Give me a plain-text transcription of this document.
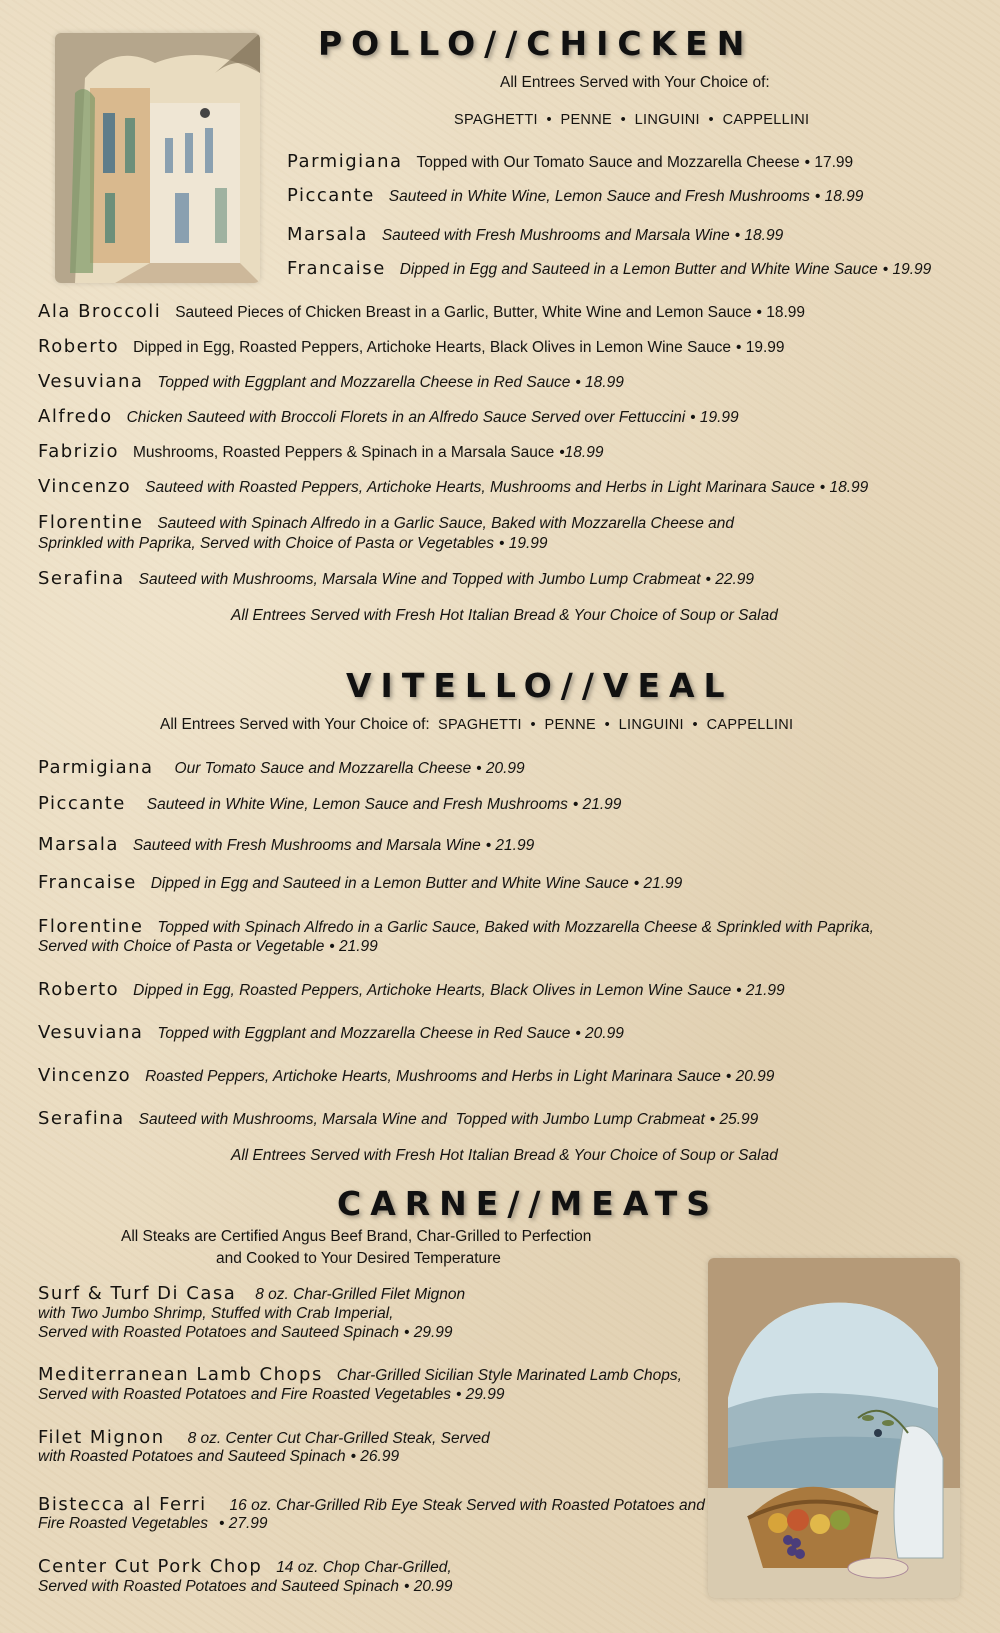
POLLO//CHICKEN
All Entrees Served with Your Choice of:
SPAGHETTI  •  PENNE  •  LINGUINI  •  CAPPELLINI
Parmigiana Topped with Our Tomato Sauce and Mozzarella Cheese • 17.99
Piccante Sauteed in White Wine, Lemon Sauce and Fresh Mushrooms • 18.99
Marsala Sauteed with Fresh Mushrooms and Marsala Wine • 18.99
Francaise Dipped in Egg and Sauteed in a Lemon Butter and White Wine Sauce • 19.99
Ala Broccoli Sauteed Pieces of Chicken Breast in a Garlic, Butter, White Wine and Lemon Sauce • 18.99
Roberto Dipped in Egg, Roasted Peppers, Artichoke Hearts, Black Olives in Lemon Wine Sauce • 19.99
Vesuviana Topped with Eggplant and Mozzarella Cheese in Red Sauce • 18.99
Alfredo Chicken Sauteed with Broccoli Florets in an Alfredo Sauce Served over Fettuccini • 19.99
Fabrizio Mushrooms, Roasted Peppers & Spinach in a Marsala Sauce •18.99
Vincenzo Sauteed with Roasted Peppers, Artichoke Hearts, Mushrooms and Herbs in Light Marinara Sauce • 18.99
Florentine Sauteed with Spinach Alfredo in a Garlic Sauce, Baked with Mozzarella Cheese and
Sprinkled with Paprika, Served with Choice of Pasta or Vegetables • 19.99
Serafina Sauteed with Mushrooms, Marsala Wine and Topped with Jumbo Lump Crabmeat • 22.99
All Entrees Served with Fresh Hot Italian Bread & Your Choice of Soup or Salad
VITELLO//VEAL
All Entrees Served with Your Choice of: SPAGHETTI  •  PENNE  •  LINGUINI  •  CAPPELLINI
Parmigiana Our Tomato Sauce and Mozzarella Cheese • 20.99
Piccante Sauteed in White Wine, Lemon Sauce and Fresh Mushrooms • 21.99
Marsala Sauteed with Fresh Mushrooms and Marsala Wine • 21.99
Francaise Dipped in Egg and Sauteed in a Lemon Butter and White Wine Sauce • 21.99
Florentine Topped with Spinach Alfredo in a Garlic Sauce, Baked with Mozzarella Cheese & Sprinkled with Paprika,
Served with Choice of Pasta or Vegetable • 21.99
Roberto Dipped in Egg, Roasted Peppers, Artichoke Hearts, Black Olives in Lemon Wine Sauce • 21.99
Vesuviana Topped with Eggplant and Mozzarella Cheese in Red Sauce • 20.99
Vincenzo Roasted Peppers, Artichoke Hearts, Mushrooms and Herbs in Light Marinara Sauce • 20.99
Serafina Sauteed with Mushrooms, Marsala Wine and  Topped with Jumbo Lump Crabmeat • 25.99
All Entrees Served with Fresh Hot Italian Bread & Your Choice of Soup or Salad
CARNE//MEATS
All Steaks are Certified Angus Beef Brand, Char-Grilled to Perfection
and Cooked to Your Desired Temperature
Surf & Turf Di Casa 8 oz. Char-Grilled Filet Mignon
with Two Jumbo Shrimp, Stuffed with Crab Imperial,
Served with Roasted Potatoes and Sauteed Spinach • 29.99
Mediterranean Lamb Chops Char-Grilled Sicilian Style Marinated Lamb Chops,
Served with Roasted Potatoes and Fire Roasted Vegetables • 29.99
Filet Mignon 8 oz. Center Cut Char-Grilled Steak, Served
with Roasted Potatoes and Sauteed Spinach • 26.99
Bistecca al Ferri 16 oz. Char-Grilled Rib Eye Steak Served with Roasted Potatoes and
Fire Roasted Vegetables • 27.99
Center Cut Pork Chop 14 oz. Chop Char-Grilled,
Served with Roasted Potatoes and Sauteed Spinach • 20.99
